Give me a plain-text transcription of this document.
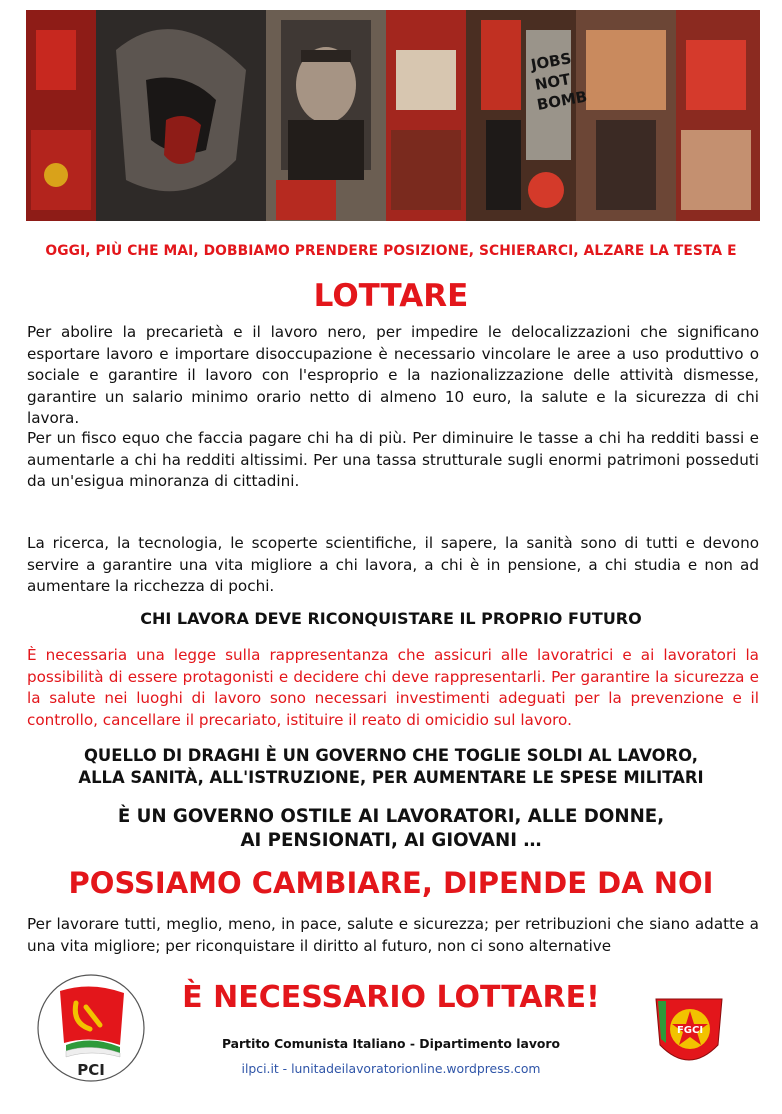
JOBS
NOT
BOMB
OGGI, PIÙ CHE MAI, DOBBIAMO PRENDERE POSIZIONE, SCHIERARCI, ALZARE LA TESTA E
LOTTARE

Per abolire la precarietà e il lavoro nero, per impedire le delocalizzazioni che significano esportare lavoro e importare disoccupazione è necessario vincolare le aree a uso produttivo o sociale e garantire il lavoro con l'esproprio e la nazionalizzazione delle attività dismesse, garantire un salario minimo orario netto di almeno 10 euro, la salute e la sicurezza di chi lavora.

Per un fisco equo che faccia pagare chi ha di più. Per diminuire le tasse a chi ha redditi bassi e aumentarle a chi ha redditi altissimi. Per una tassa strutturale sugli enormi patrimoni posseduti da un'esigua minoranza di cittadini.

La ricerca, la tecnologia, le scoperte scientifiche, il sapere, la sanità sono di tutti e devono servire a garantire una vita migliore a chi lavora, a chi è in pensione, a chi studia e non ad aumentare la ricchezza di pochi.

CHI LAVORA DEVE RICONQUISTARE IL PROPRIO FUTURO

È necessaria una legge sulla rappresentanza che assicuri alle lavoratrici e ai lavoratori la possibilità di essere protagonisti e decidere chi deve rappresentarli. Per garantire la sicurezza e la salute nei luoghi di lavoro sono necessari investimenti adeguati per la prevenzione e il controllo, cancellare il precariato, istituire il reato di omicidio sul lavoro.

QUELLO DI DRAGHI È UN GOVERNO CHE TOGLIE SOLDI AL LAVORO,
ALLA SANITÀ, ALL'ISTRUZIONE, PER AUMENTARE LE SPESE MILITARI
È UN GOVERNO OSTILE AI LAVORATORI, ALLE DONNE,
AI PENSIONATI, AI GIOVANI …
POSSIAMO CAMBIARE, DIPENDE DA NOI

Per lavorare tutti, meglio, meno, in pace, salute e sicurezza; per retribuzioni che siano adatte a una vita migliore; per riconquistare il diritto al futuro, non ci sono alternative

PCI
È NECESSARIO LOTTARE!
Partito Comunista Italiano - Dipartimento lavoro
ilpci.it - lunitadeilavoratorionline.wordpress.com
FGCI
